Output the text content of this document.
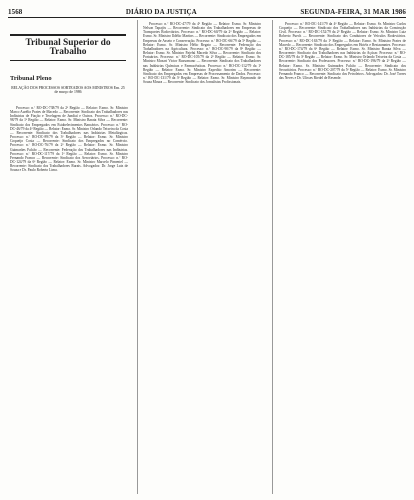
1568	DIÁRIO DA JUSTIÇA	SEGUNDA-FEIRA, 31 MAR 1986
Tribunal Superior do Trabalho
Tribunal Pleno
RELAÇÃO DOS PROCESSOS SORTEADOS AOS MINISTROS Em. 25 de março de 1986

Processo: n.º RO-DC-738/79 da 2ª Região — Relator: Exmo. Sr. Ministro Marco Aurélio Prates de Macedo — Recorrente: Sindicato dos Trabalhadores nas Indústrias de Fiação e Tecelagem de Jundiaí e Outros. Processo: n.º RO-DC-98/79 da 1ª Região — Relator: Exmo. Sr. Ministro Barata Silva — Recorrente: Sindicato dos Empregados em Estabelecimentos Bancários. Processo: n.º RO-DC-46/79 da 4ª Região — Relator: Exmo. Sr. Ministro Orlando Teixeira da Costa — Recorrente: Sindicato dos Trabalhadores nas Indústrias Metalúrgicas. Processo: n.º RO-DC-89/79 da 3ª Região — Relator: Exmo. Sr. Ministro Coqueijo Costa — Recorrente: Sindicato dos Empregados no Comércio. Processo: n.º RO-DC-76/79 da 2ª Região — Relator: Exmo. Sr. Ministro Guimarães Falcão — Recorrente: Federação dos Trabalhadores nas Indústrias. Processo: n.º RO-DC-117/79 da 1ª Região — Relator: Exmo. Sr. Ministro Fernando Franco — Recorrente: Sindicato dos Aeroviários. Processo: n.º RO-DC-124/79 da 6ª Região — Relator: Exmo. Sr. Ministro Marcelo Pimentel — Recorrente: Sindicato dos Trabalhadores Rurais. Advogados: Dr. Jorge Luiz de Souza e Dr. Paulo Roberto Lima.

Processo: n.º RO-DC-47/79 da 4ª Região — Relator: Exmo. Sr. Ministro Nelson Tapajós — Recorrente: Sindicato dos Trabalhadores em Empresas de Transportes Rodoviários. Processo: n.º RO-DC-60/79 da 2ª Região — Relator: Exmo. Sr. Ministro Ildélio Martins — Recorrente: Sindicato dos Empregados em Empresas de Asseio e Conservação. Processo: n.º RO-DC-66/79 da 5ª Região — Relator: Exmo. Sr. Ministro Hélio Regato — Recorrente: Federação dos Trabalhadores na Agricultura. Processo: n.º RO-DC-90/79 da 8ª Região — Relator: Exmo. Sr. Ministro Pajehú Macedo Silva — Recorrente: Sindicato dos Portuários. Processo: n.º RO-DC-105/79 da 2ª Região — Relator: Exmo. Sr. Ministro Mozart Victor Russomano — Recorrente: Sindicato dos Trabalhadores nas Indústrias Químicas e Farmacêuticas. Processo: n.º RO-DC-112/79 da 1ª Região — Relator: Exmo. Sr. Ministro Expedito Amorim — Recorrente: Sindicato dos Empregados em Empresas de Processamento de Dados. Processo: n.º RO-DC-131/79 da 3ª Região — Relator: Exmo. Sr. Ministro Raymundo de Souza Moura — Recorrente: Sindicato dos Jornalistas Profissionais.

Processo: n.º RO-DC-141/79 da 4ª Região — Relator: Exmo. Sr. Ministro Carlos Coqueijo — Recorrente: Sindicato dos Trabalhadores nas Indústrias da Construção Civil. Processo: n.º RO-DC-152/79 da 2ª Região — Relator: Exmo. Sr. Ministro Luiz Roberto Puech — Recorrente: Sindicato dos Condutores de Veículos Rodoviários. Processo: n.º RO-DC-163/79 da 1ª Região — Relator: Exmo. Sr. Ministro Prates de Macedo — Recorrente: Sindicato dos Empregados em Hotéis e Restaurantes. Processo: n.º RO-DC-174/79 da 6ª Região — Relator: Exmo. Sr. Ministro Barata Silva — Recorrente: Sindicato dos Trabalhadores nas Indústrias do Açúcar. Processo: n.º RO-DC-185/79 da 3ª Região — Relator: Exmo. Sr. Ministro Orlando Teixeira da Costa — Recorrente: Sindicato dos Professores. Processo: n.º RO-DC-196/79 da 2ª Região — Relator: Exmo. Sr. Ministro Guimarães Falcão — Recorrente: Sindicato dos Securitários. Processo: n.º RO-DC-207/79 da 5ª Região — Relator: Exmo. Sr. Ministro Fernando Franco — Recorrente: Sindicato dos Petroleiros. Advogados: Dr. José Torres das Neves e Dr. Ulisses Riedel de Resende.
